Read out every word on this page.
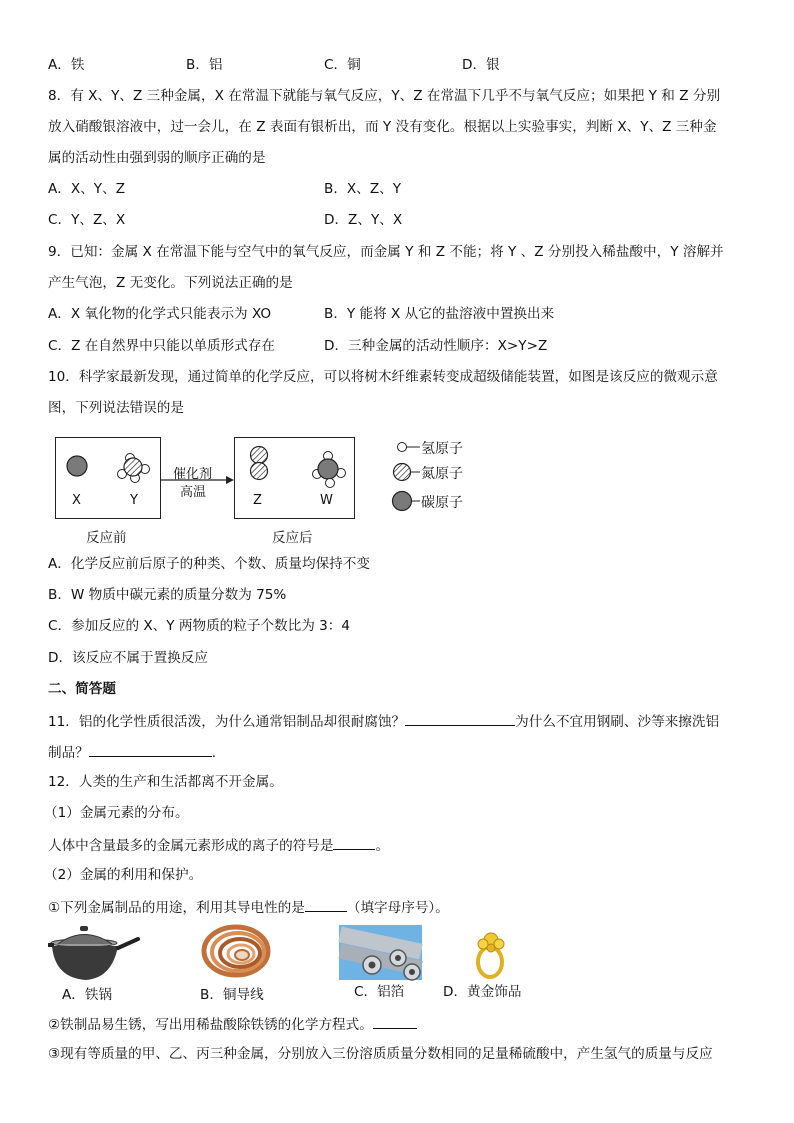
A．铁	B．铝	C．铜	D．银
8．有 X、Y、Z 三种金属，X 在常温下就能与氧气反应，Y、Z 在常温下几乎不与氧气反应；如果把 Y 和 Z 分别
放入硝酸银溶液中，过一会儿，在 Z 表面有银析出，而 Y 没有变化。根据以上实验事实，判断 X、Y、Z 三种金
属的活动性由强到弱的顺序正确的是
A．X、Y、Z	B．X、Z、Y
C．Y、Z、X	D．Z、Y、X
9．已知：金属 X 在常温下能与空气中的氧气反应，而金属 Y 和 Z 不能；将 Y 、Z 分别投入稀盐酸中，Y 溶解并
产生气泡，Z 无变化。下列说法正确的是
A．X 氧化物的化学式只能表示为 XO	B．Y 能将 X 从它的盐溶液中置换出来
C．Z 在自然界中只能以单质形式存在	D．三种金属的活动性顺序：X>Y>Z
10．科学家最新发现，通过简单的化学反应，可以将树木纤维素转变成超级储能装置，如图是该反应的微观示意
图，下列说法错误的是
X	Y	Z	W
催化剂
高温
反应前	反应后
氢原子
氮原子
碳原子
A．化学反应前后原子的种类、个数、质量均保持不变
B．W 物质中碳元素的质量分数为 75%
C．参加反应的 X、Y 两物质的粒子个数比为 3：4
D．该反应不属于置换反应
二、简答题
11．铝的化学性质很活泼，为什么通常铝制品却很耐腐蚀？	为什么不宜用钢刷、沙等来擦洗铝
制品？	.
12．人类的生产和生活都离不开金属。
（1）金属元素的分布。
人体中含量最多的金属元素形成的离子的符号是	。
（2）金属的利用和保护。
①下列金属制品的用途，利用其导电性的是	（填字母序号）。
A．铁锅	B．铜导线	C．铝箔	D．黄金饰品
②铁制品易生锈，写出用稀盐酸除铁锈的化学方程式。
③现有等质量的甲、乙、丙三种金属，分别放入三份溶质质量分数相同的足量稀硫酸中，产生氢气的质量与反应
